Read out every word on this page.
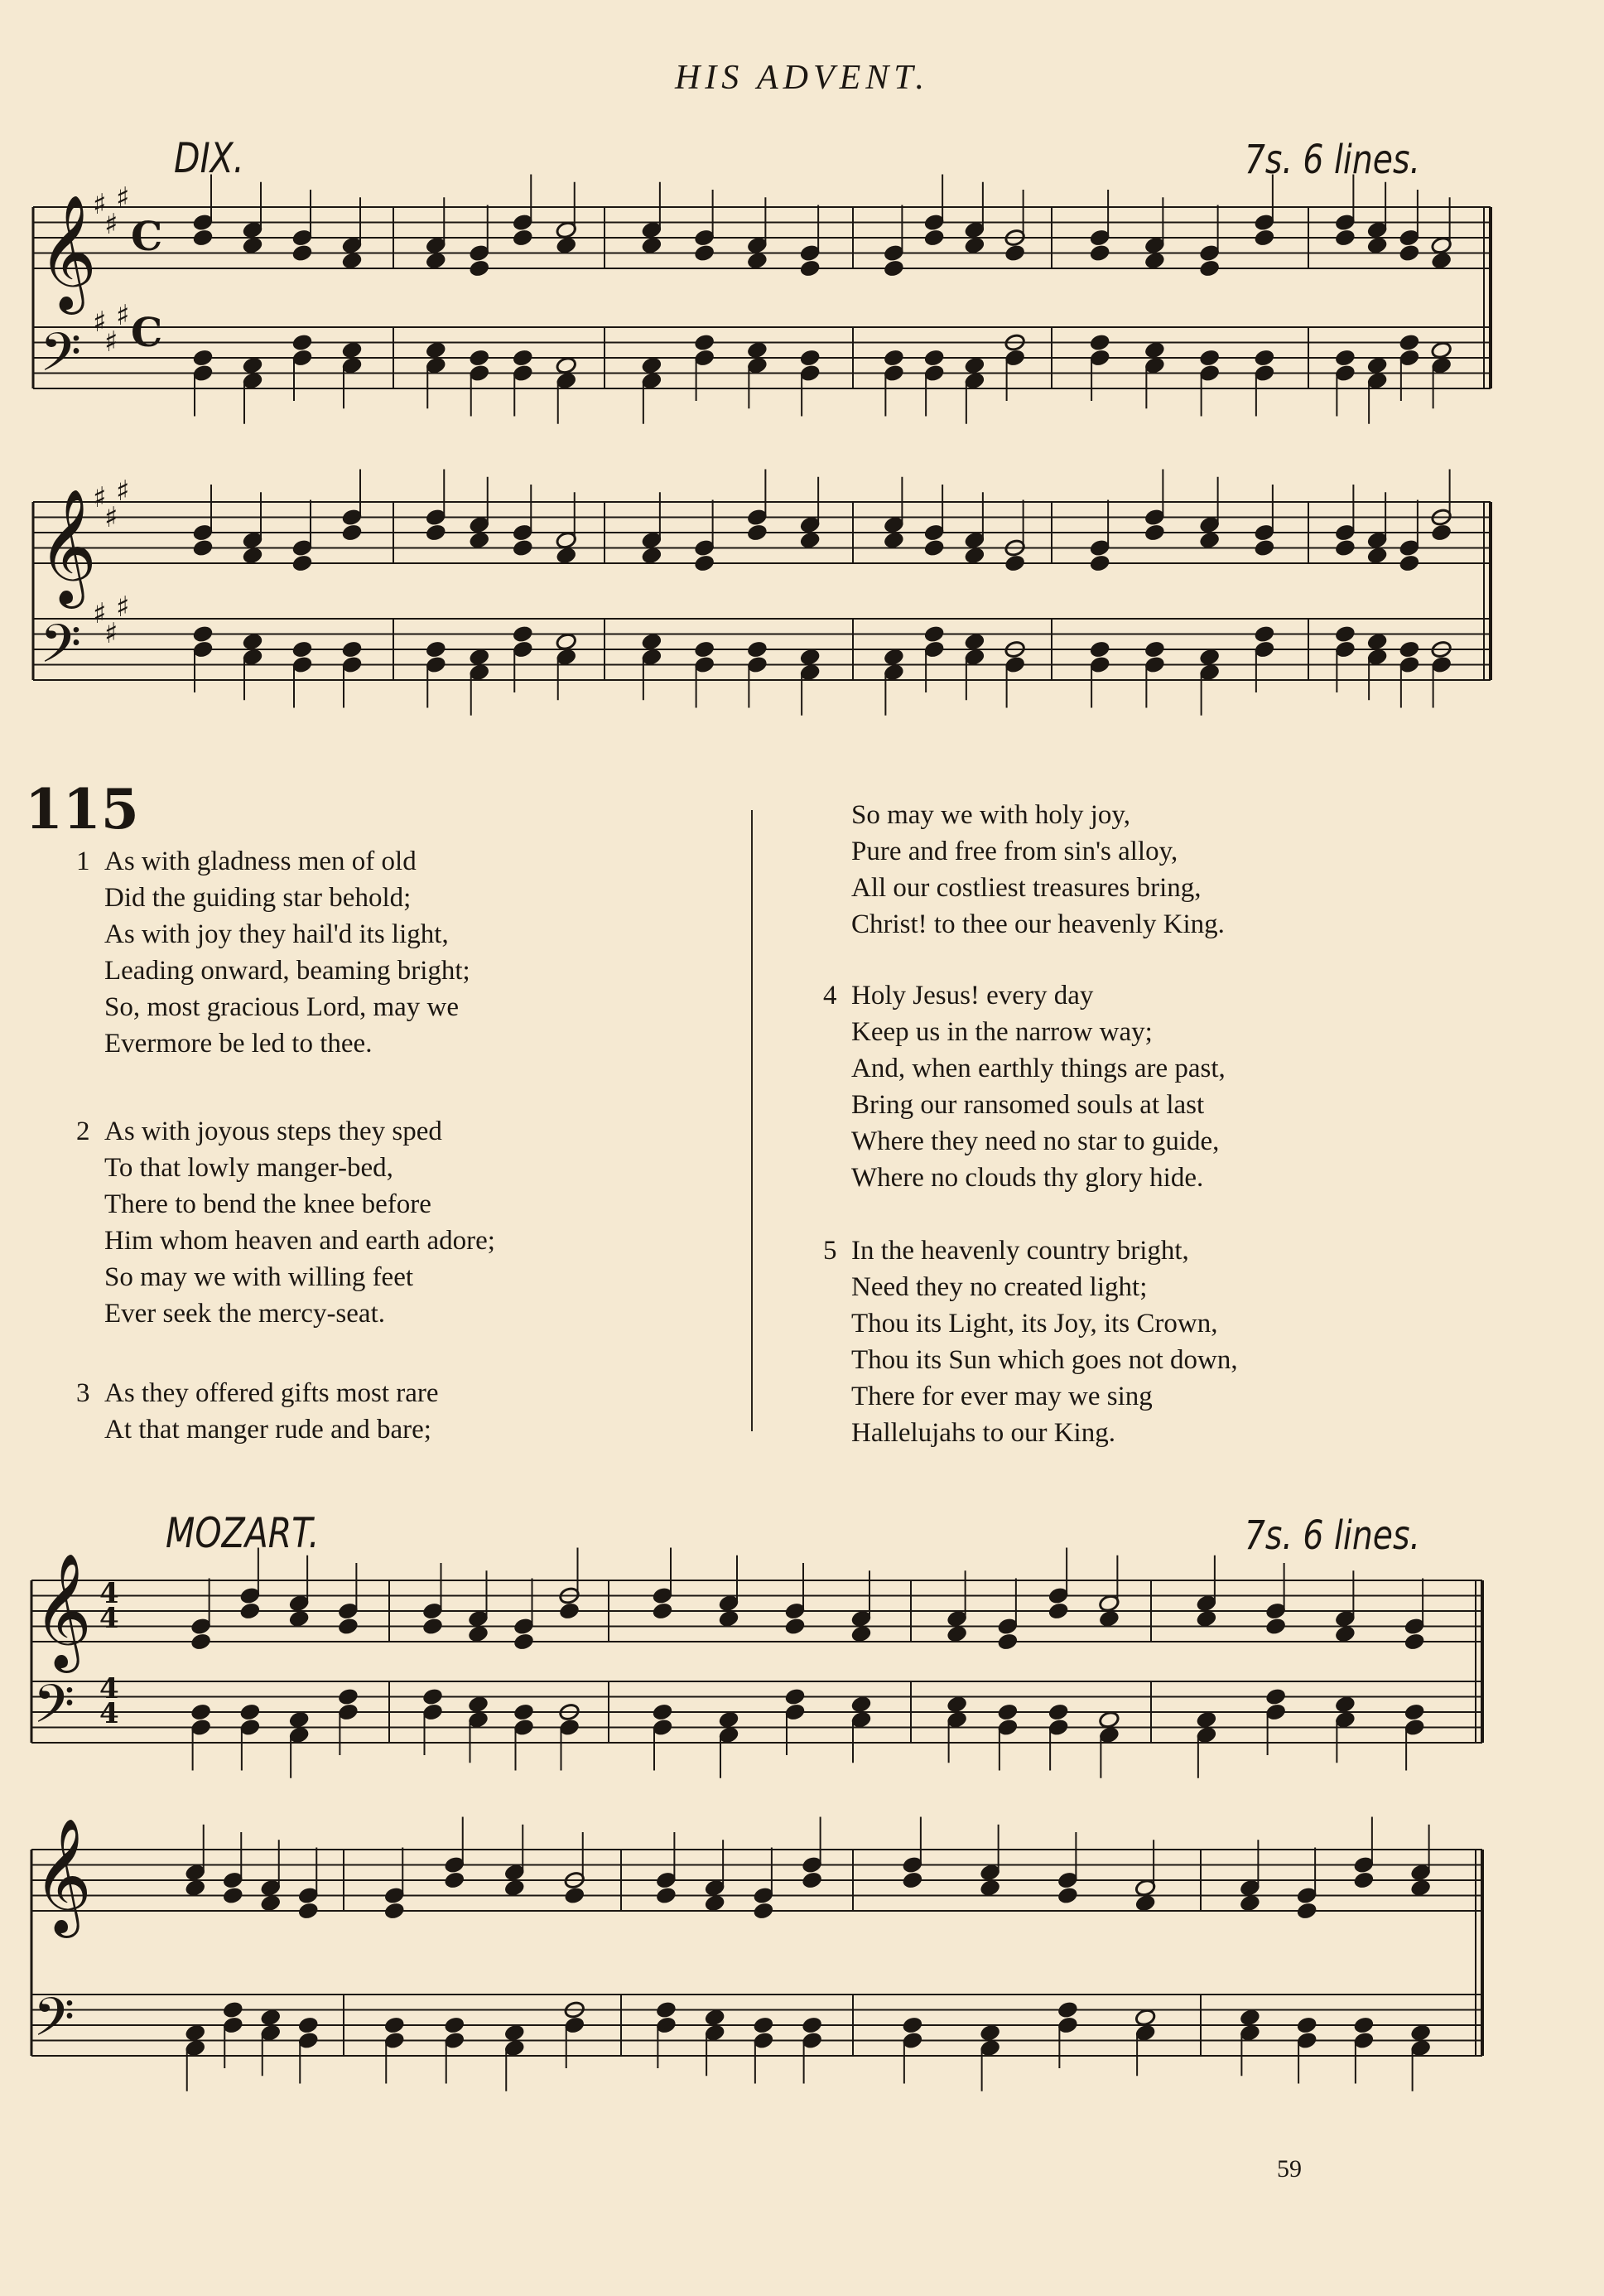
HIS ADVENT.
DIX.	7s. 6 lines.
𝄞
𝄞
𝄞
𝄞
𝄢
𝄢
𝄢
𝄢
C
C
4
4
4
4
♯
♯
♯
♯
♯
♯
♯
♯
♯
♯
♯
♯
115
1 As with gladness men of old
Did the guiding star behold;
As with joy they hail'd its light,
Leading onward, beaming bright;
So, most gracious Lord, may we
Evermore be led to thee.
2 As with joyous steps they sped
To that lowly manger-bed,
There to bend the knee before
Him whom heaven and earth adore;
So may we with willing feet
Ever seek the mercy-seat.
3 As they offered gifts most rare
At that manger rude and bare;
So may we with holy joy,
Pure and free from sin's alloy,
All our costliest treasures bring,
Christ! to thee our heavenly King.
4 Holy Jesus! every day
Keep us in the narrow way;
And, when earthly things are past,
Bring our ransomed souls at last
Where they need no star to guide,
Where no clouds thy glory hide.
5 In the heavenly country bright,
Need they no created light;
Thou its Light, its Joy, its Crown,
Thou its Sun which goes not down,
There for ever may we sing
Hallelujahs to our King.
MOZART.	7s. 6 lines.
59
